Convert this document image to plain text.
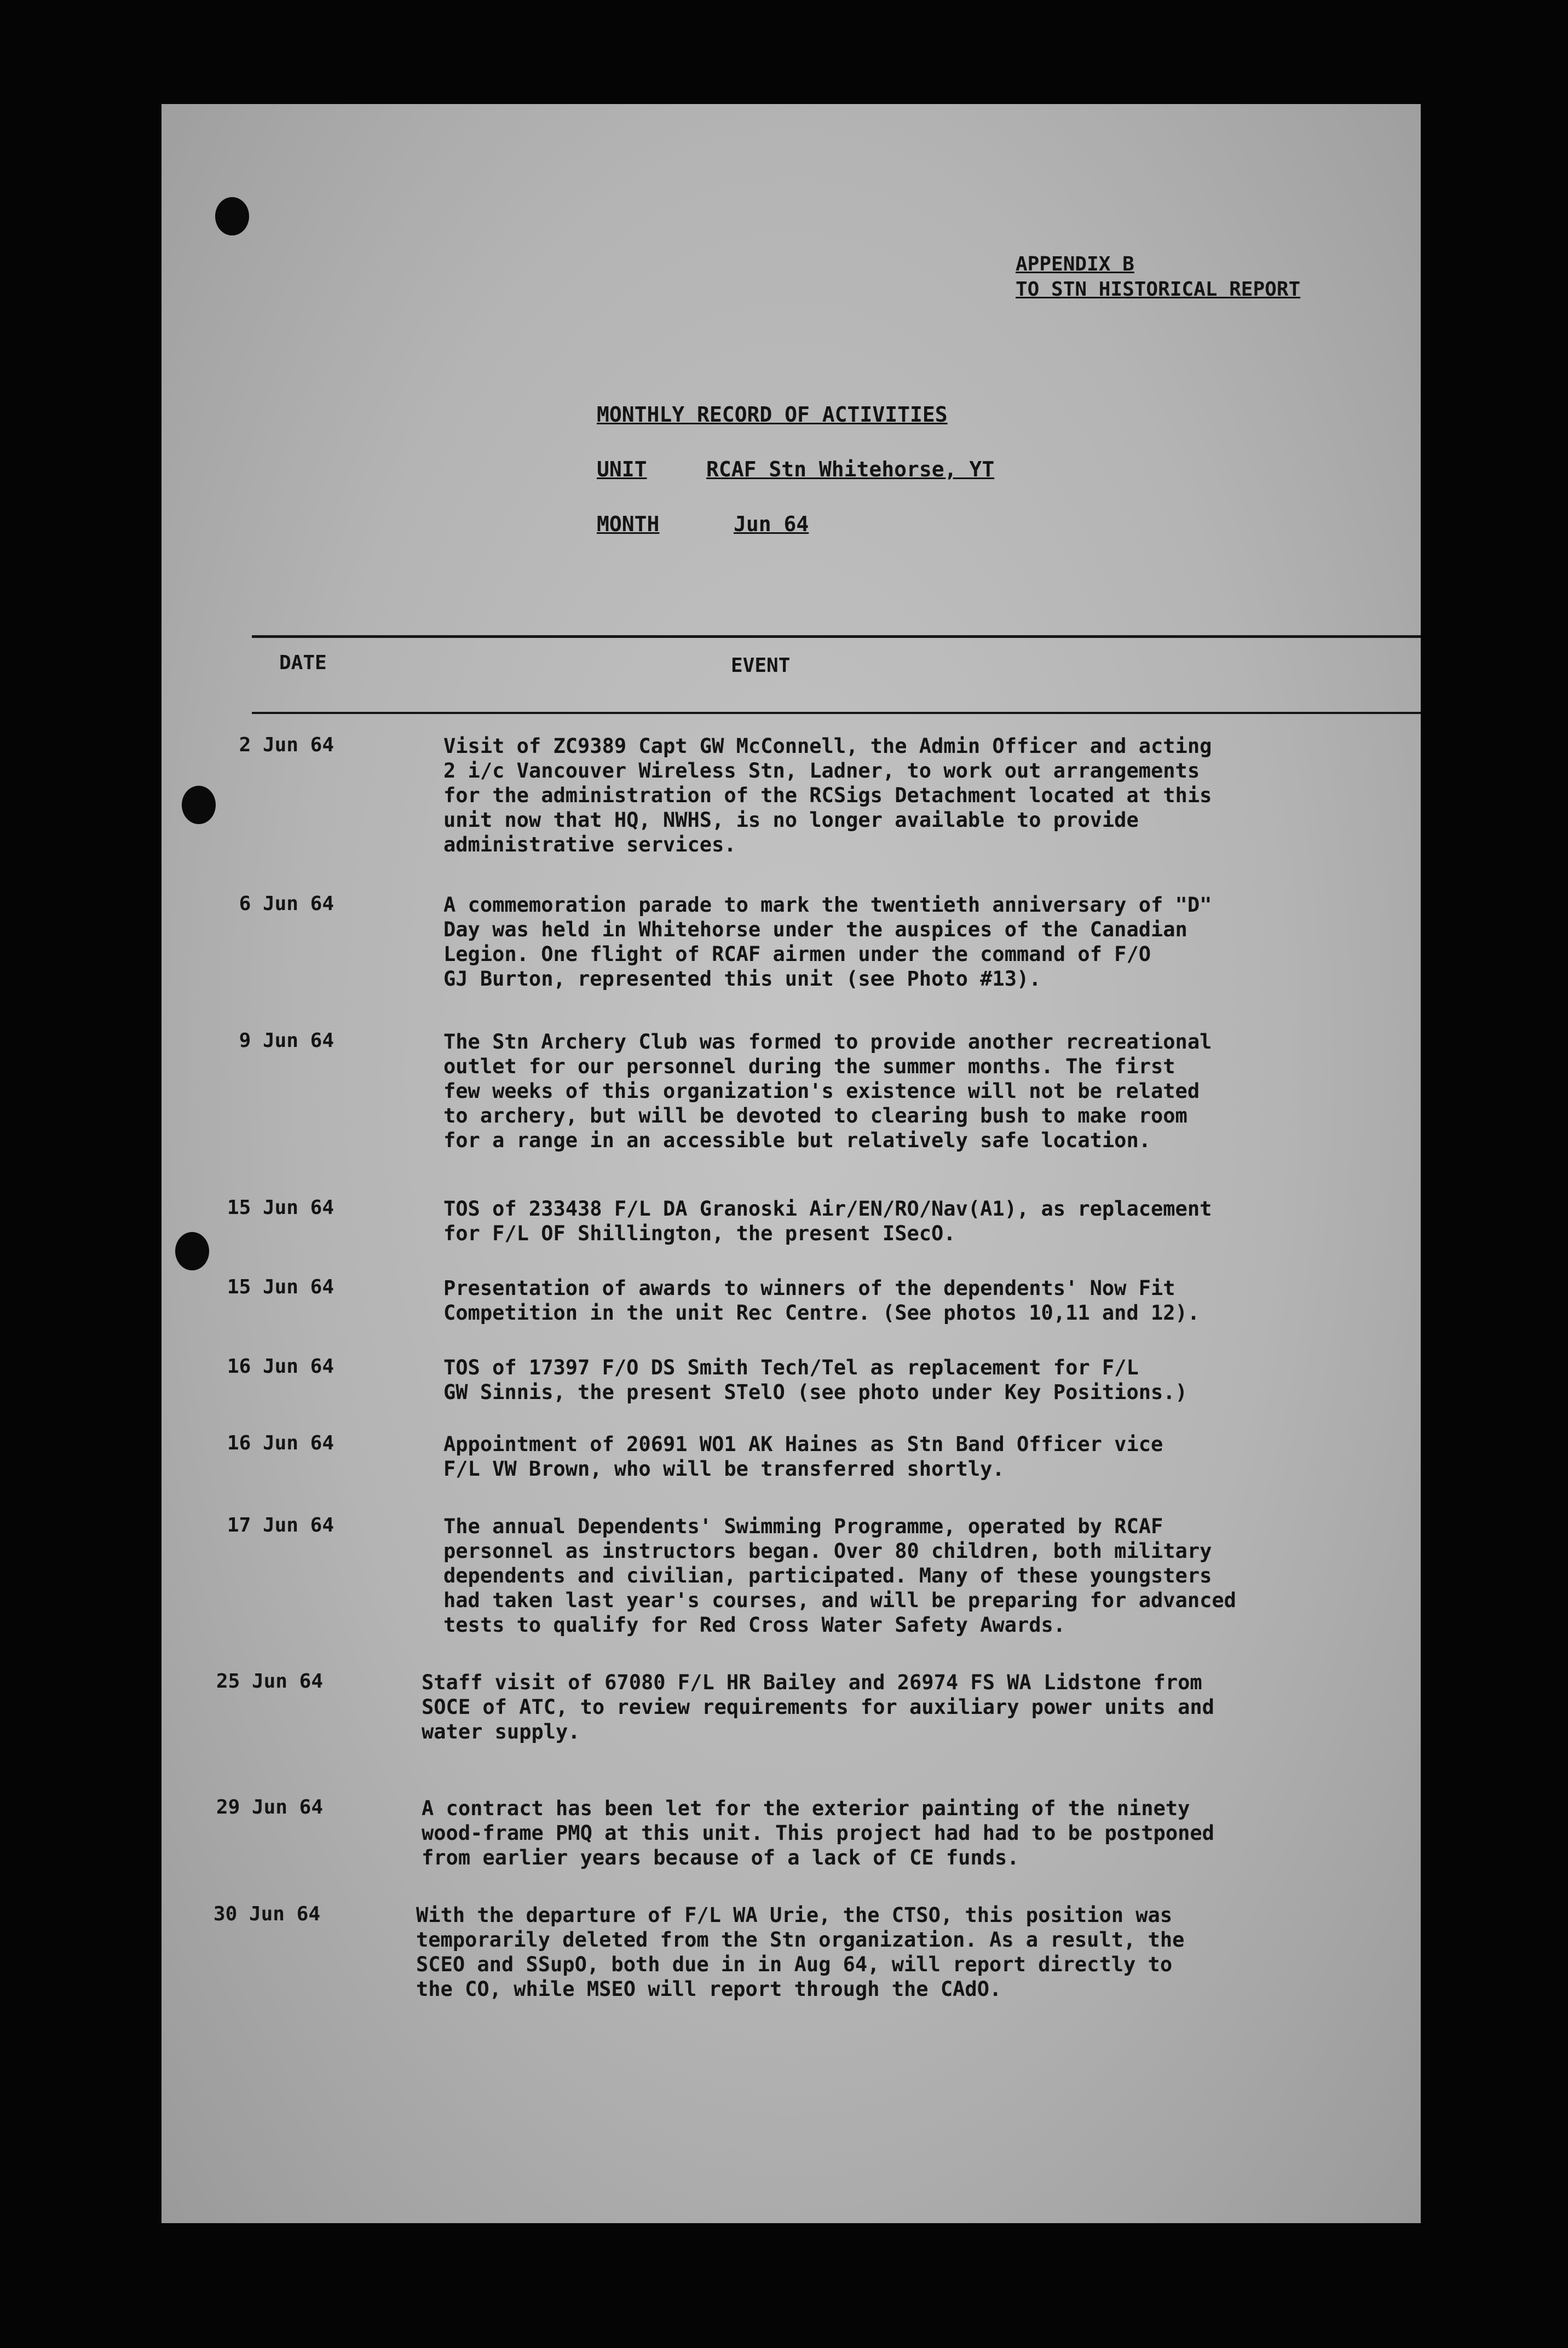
APPENDIX B
TO STN HISTORICAL REPORT
MONTHLY RECORD OF ACTIVITIES
UNIT	RCAF Stn Whitehorse, YT
MONTH	Jun 64
DATE	EVENT
2 Jun 64	Visit of ZC9389 Capt GW McConnell, the Admin Officer and acting
2 i/c Vancouver Wireless Stn, Ladner, to work out arrangements
for the administration of the RCSigs Detachment located at this
unit now that HQ, NWHS, is no longer available to provide
administrative services.
6 Jun 64	A commemoration parade to mark the twentieth anniversary of "D"
Day was held in Whitehorse under the auspices of the Canadian
Legion. One flight of RCAF airmen under the command of F/O
GJ Burton, represented this unit (see Photo #13).
9 Jun 64	The Stn Archery Club was formed to provide another recreational
outlet for our personnel during the summer months. The first
few weeks of this organization's existence will not be related
to archery, but will be devoted to clearing bush to make room
for a range in an accessible but relatively safe location.
15 Jun 64	TOS of 233438 F/L DA Granoski Air/EN/RO/Nav(A1), as replacement
for F/L OF Shillington, the present ISecO.
15 Jun 64	Presentation of awards to winners of the dependents' Now Fit
Competition in the unit Rec Centre. (See photos 10,11 and 12).
16 Jun 64	TOS of 17397 F/O DS Smith Tech/Tel as replacement for F/L
GW Sinnis, the present STelO (see photo under Key Positions.)
16 Jun 64	Appointment of 20691 WO1 AK Haines as Stn Band Officer vice
F/L VW Brown, who will be transferred shortly.
17 Jun 64	The annual Dependents' Swimming Programme, operated by RCAF
personnel as instructors began. Over 80 children, both military
dependents and civilian, participated. Many of these youngsters
had taken last year's courses, and will be preparing for advanced
tests to qualify for Red Cross Water Safety Awards.
25 Jun 64	Staff visit of 67080 F/L HR Bailey and 26974 FS WA Lidstone from
SOCE of ATC, to review requirements for auxiliary power units and
water supply.
29 Jun 64	A contract has been let for the exterior painting of the ninety
wood-frame PMQ at this unit. This project had had to be postponed
from earlier years because of a lack of CE funds.
30 Jun 64	With the departure of F/L WA Urie, the CTSO, this position was
temporarily deleted from the Stn organization. As a result, the
SCEO and SSupO, both due in in Aug 64, will report directly to
the CO, while MSEO will report through the CAdO.
